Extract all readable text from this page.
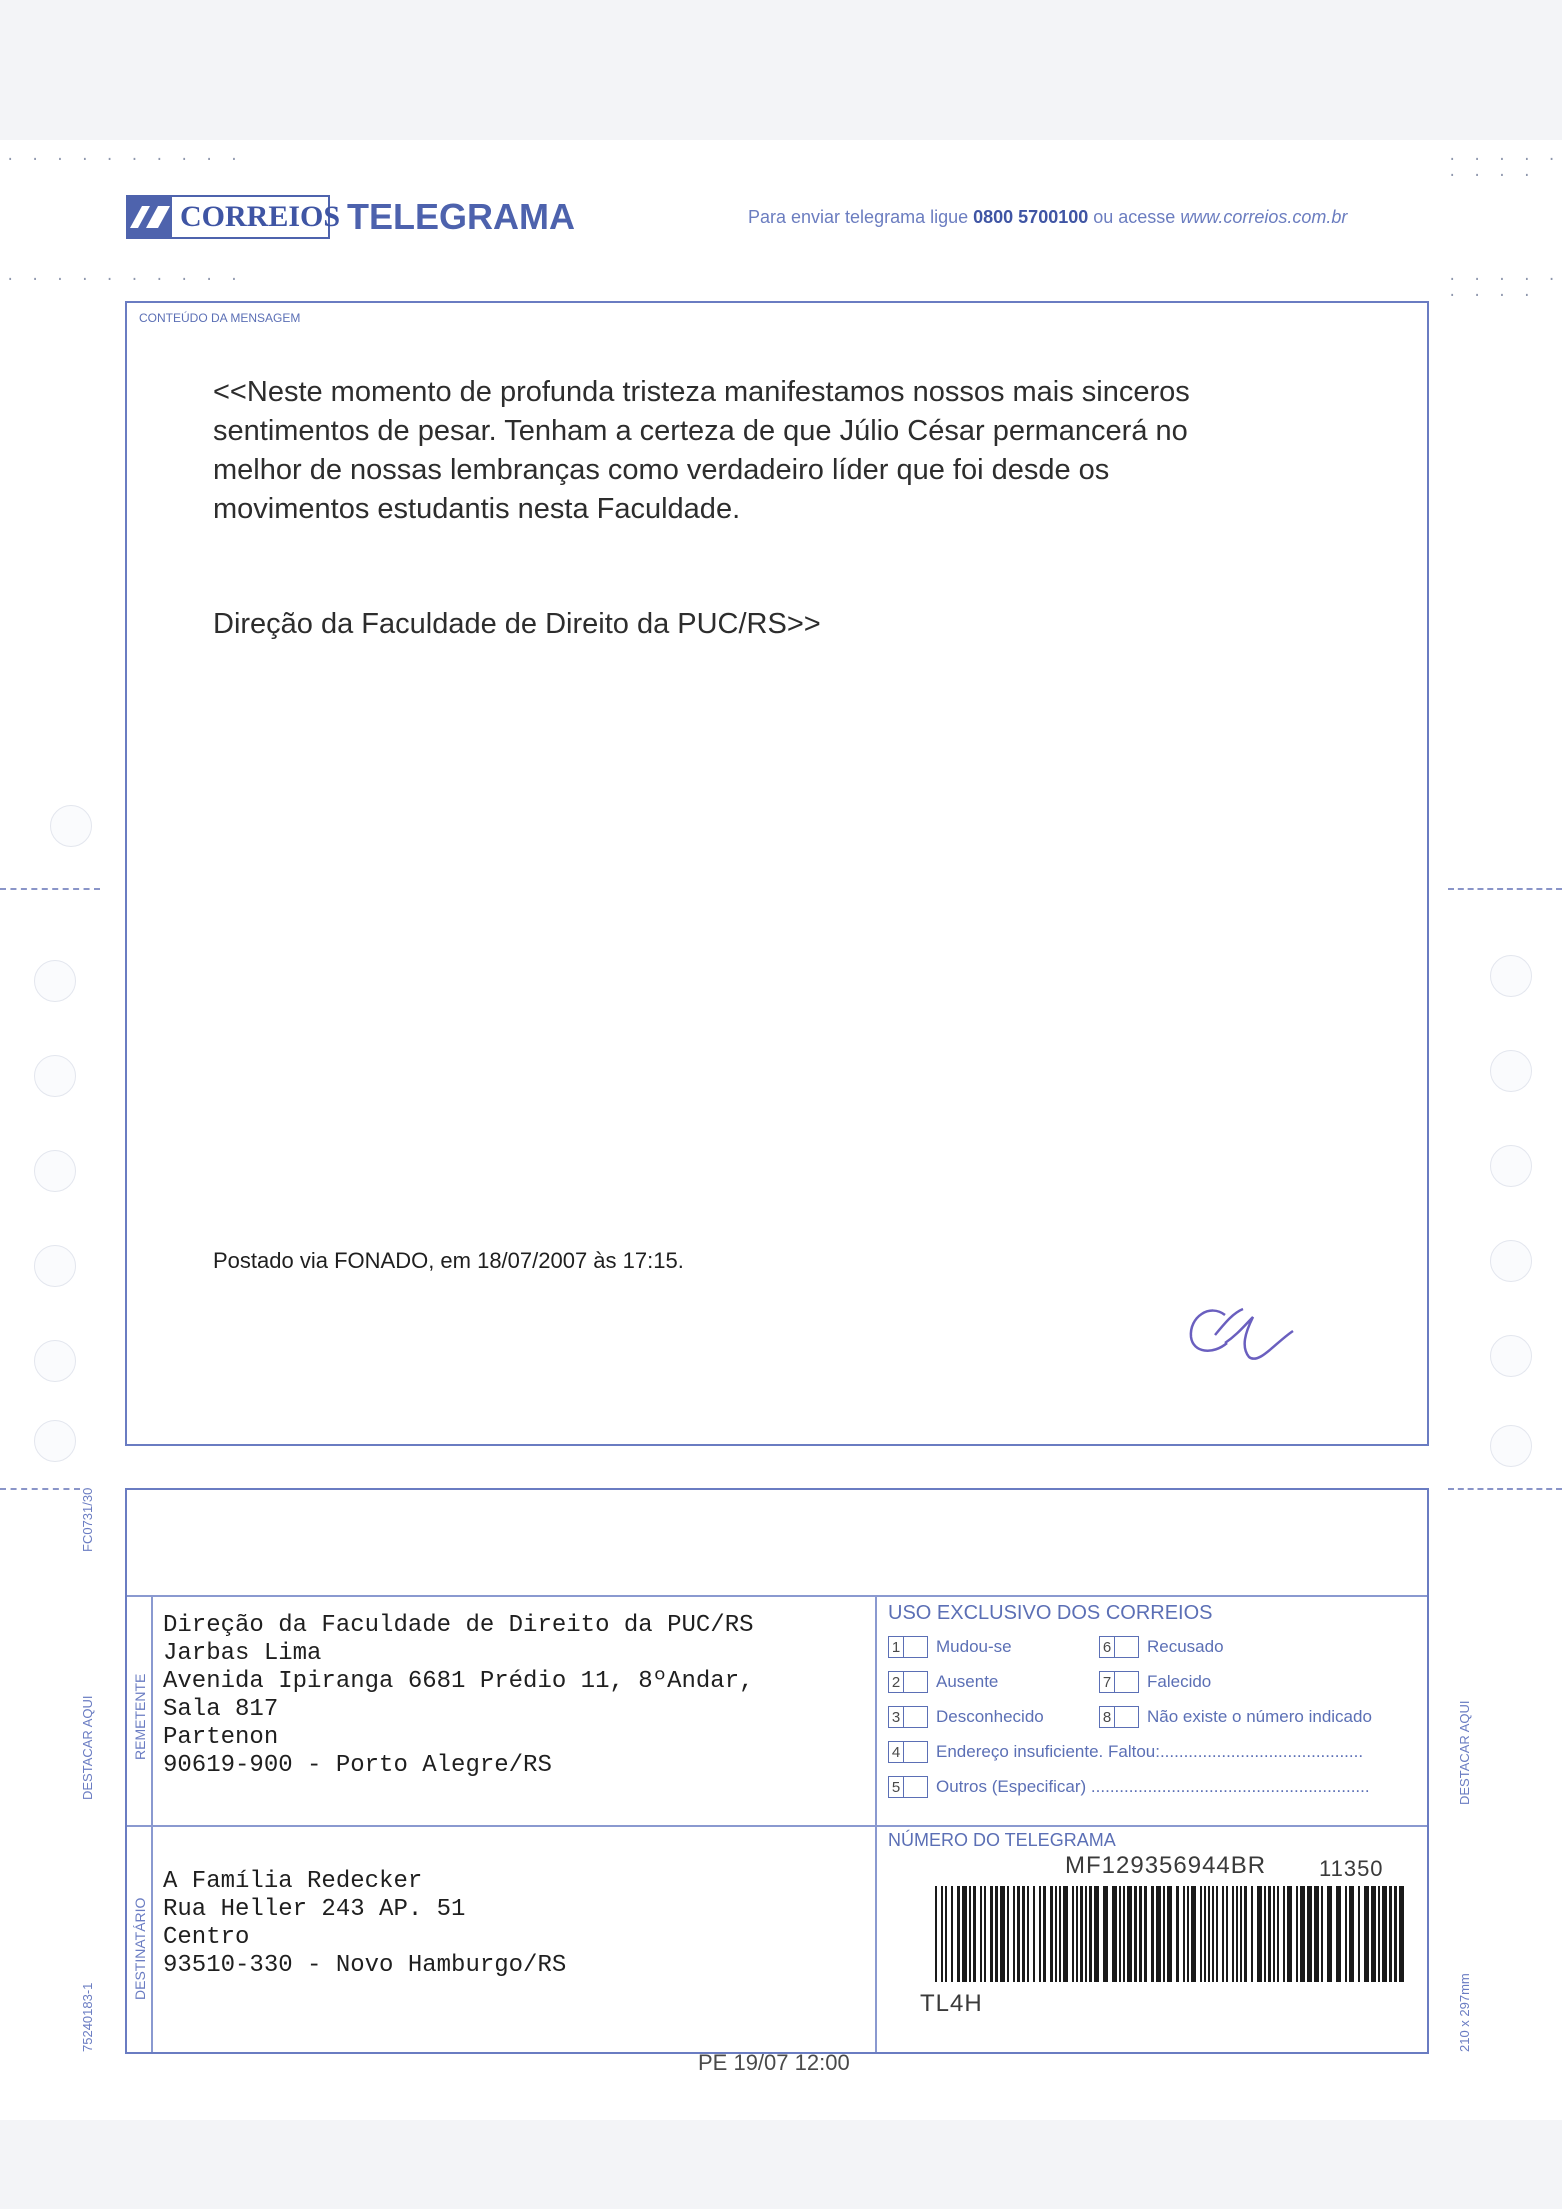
· · · · · · · · · ·	· · · · · · · · ·
· · · · · · · · · ·	· · · · · · · · ·
CORREIOS TELEGRAMA	Para enviar telegrama ligue 0800 5700100 ou acesse www.correios.com.br
CONTEÚDO DA MENSAGEM
<<Neste momento de profunda tristeza manifestamos nossos mais sinceros
sentimentos de pesar. Tenham a certeza de que Júlio César permancerá no
melhor de nossas lembranças como verdadeiro líder que foi desde os
movimentos estudantis nesta Faculdade.
Direção da Faculdade de Direito da PUC/RS>>
Postado via FONADO, em 18/07/2007 às 17:15.
FC0731/30
DESTACAR AQUI	DESTACAR AQUI
75240183-1	210 x 297mm
REMETENTE
Direção da Faculdade de Direito da PUC/RS
Jarbas Lima
Avenida Ipiranga 6681 Prédio 11, 8ºAndar,
Sala 817
Partenon
90619-900 - Porto Alegre/RS
DESTINATÁRIO
A Família Redecker
Rua Heller 243 AP. 51
Centro
93510-330 - Novo Hamburgo/RS
USO EXCLUSIVO DOS CORREIOS
1 Mudou-se	6 Recusado
2 Ausente	7 Falecido
3 Desconhecido	8 Não existe o número indicado
4 Endereço insuficiente. Faltou:...........................................
5 Outros (Especificar) ...........................................................
NÚMERO DO TELEGRAMA
MF129356944BR 11350
TL4H
PE 19/07 12:00
